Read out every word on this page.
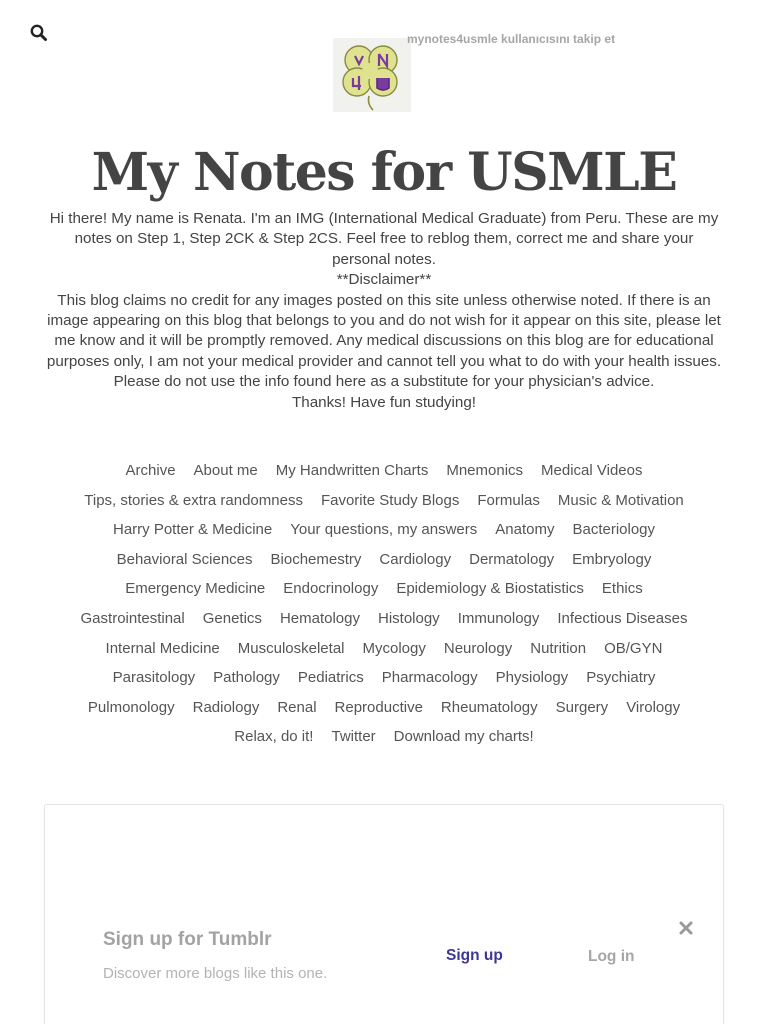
mynotes4usmle kullanıcısını takip et
My Notes for USMLE

Hi there! My name is Renata. I'm an IMG (International Medical Graduate) from Peru. These are my notes on Step 1, Step 2CK & Step 2CS. Feel free to reblog them, correct me and share your personal notes.

**Disclaimer**

This blog claims no credit for any images posted on this site unless otherwise noted. If there is an image appearing on this blog that belongs to you and do not wish for it appear on this site, please let me know and it will be promptly removed. Any medical discussions on this blog are for educational purposes only, I am not your medical provider and cannot tell you what to do with your health issues. Please do not use the info found here as a substitute for your physician's advice.

Thanks! Have fun studying!

Archive About me My Handwritten Charts Mnemonics Medical Videos
Tips, stories & extra randomness Favorite Study Blogs Formulas Music & Motivation
Harry Potter & Medicine Your questions, my answers Anatomy Bacteriology
Behavioral Sciences Biochemestry Cardiology Dermatology Embryology
Emergency Medicine Endocrinology Epidemiology & Biostatistics Ethics
Gastrointestinal Genetics Hematology Histology Immunology Infectious Diseases
Internal Medicine Musculoskeletal Mycology Neurology Nutrition OB/GYN
Parasitology Pathology Pediatrics Pharmacology Physiology Psychiatry
Pulmonology Radiology Renal Reproductive Rheumatology Surgery Virology
Relax, do it! Twitter Download my charts!
Sign up for Tumblr
Discover more blogs like this one.
Sign up	Log in
